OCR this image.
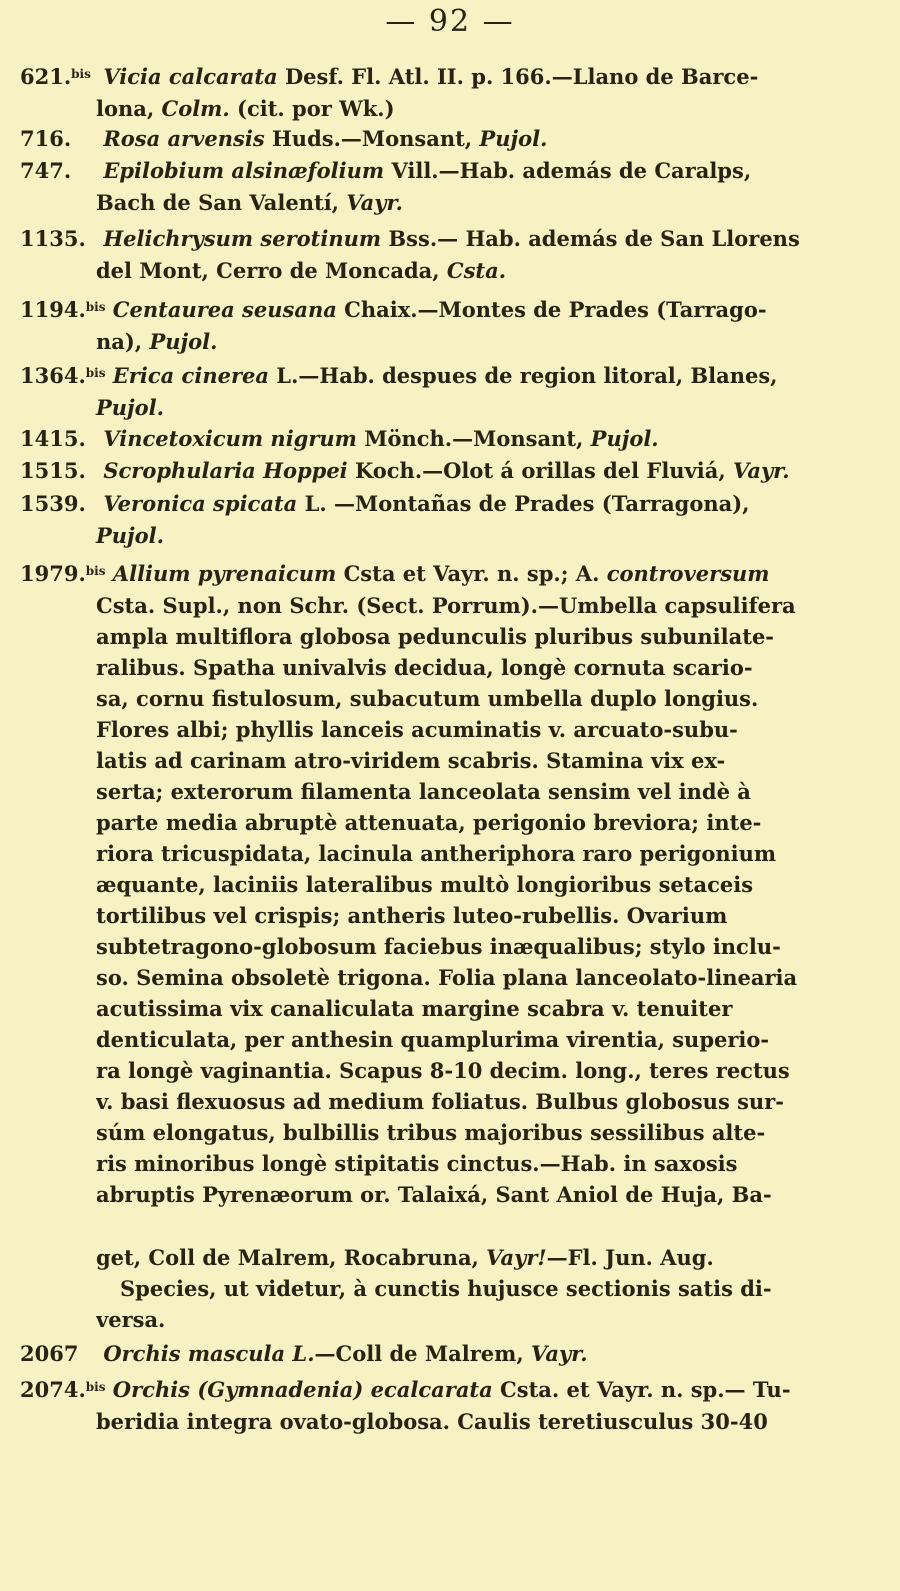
— 92 —
621.$^{bis}$ Vicia calcarata Desf. Fl. Atl. II. p. 166.—Llano de Barce-
lona, Colm. (cit. por Wk.)
716. Rosa arvensis Huds.—Monsant, Pujol.
747. Epilobium alsinæfolium Vill.—Hab. además de Caralps,
Bach de San Valentí, Vayr.
1135. Helichrysum serotinum Bss.— Hab. además de San Llorens
del Mont, Cerro de Moncada, Csta.
1194.$^{bis}$ Centaurea seusana Chaix.—Montes de Prades (Tarrago-
na), Pujol.
1364.$^{bis}$ Erica cinerea L.—Hab. despues de region litoral, Blanes,
Pujol.
1415. Vincetoxicum nigrum Mönch.—Monsant, Pujol.
1515. Scrophularia Hoppei Koch.—Olot á orillas del Fluviá, Vayr.
1539. Veronica spicata L. —Montañas de Prades (Tarragona),
Pujol.
1979.$^{bis}$ Allium pyrenaicum Csta et Vayr. n. sp.; A. controversum
Csta. Supl., non Schr. (Sect. Porrum).—Umbella capsulifera
ampla multiflora globosa pedunculis pluribus subunilate-
ralibus. Spatha univalvis decidua, longè cornuta scario-
sa, cornu fistulosum, subacutum umbella duplo longius.
Flores albi; phyllis lanceis acuminatis v. arcuato-subu-
latis ad carinam atro-viridem scabris. Stamina vix ex-
serta; exterorum filamenta lanceolata sensim vel indè à
parte media abruptè attenuata, perigonio breviora; inte-
riora tricuspidata, lacinula antheriphora raro perigonium
æquante, laciniis lateralibus multò longioribus setaceis
tortilibus vel crispis; antheris luteo-rubellis. Ovarium
subtetragono-globosum faciebus inæqualibus; stylo inclu-
so. Semina obsoletè trigona. Folia plana lanceolato-linearia
acutissima vix canaliculata margine scabra v. tenuiter
denticulata, per anthesin quamplurima virentia, superio-
ra longè vaginantia. Scapus 8-10 decim. long., teres rectus
v. basi flexuosus ad medium foliatus. Bulbus globosus sur-
súm elongatus, bulbillis tribus majoribus sessilibus alte-
ris minoribus longè stipitatis cinctus.—Hab. in saxosis
abruptis Pyrenæorum or. Talaixá, Sant Aniol de Huja, Ba-
get, Coll de Malrem, Rocabruna, Vayr!—Fl. Jun. Aug.
Species, ut videtur, à cunctis hujusce sectionis satis di-
versa.
2067 Orchis mascula L.—Coll de Malrem, Vayr.
2074.$^{bis}$ Orchis (Gymnadenia) ecalcarata Csta. et Vayr. n. sp.— Tu-
beridia integra ovato-globosa. Caulis teretiusculus 30-40
